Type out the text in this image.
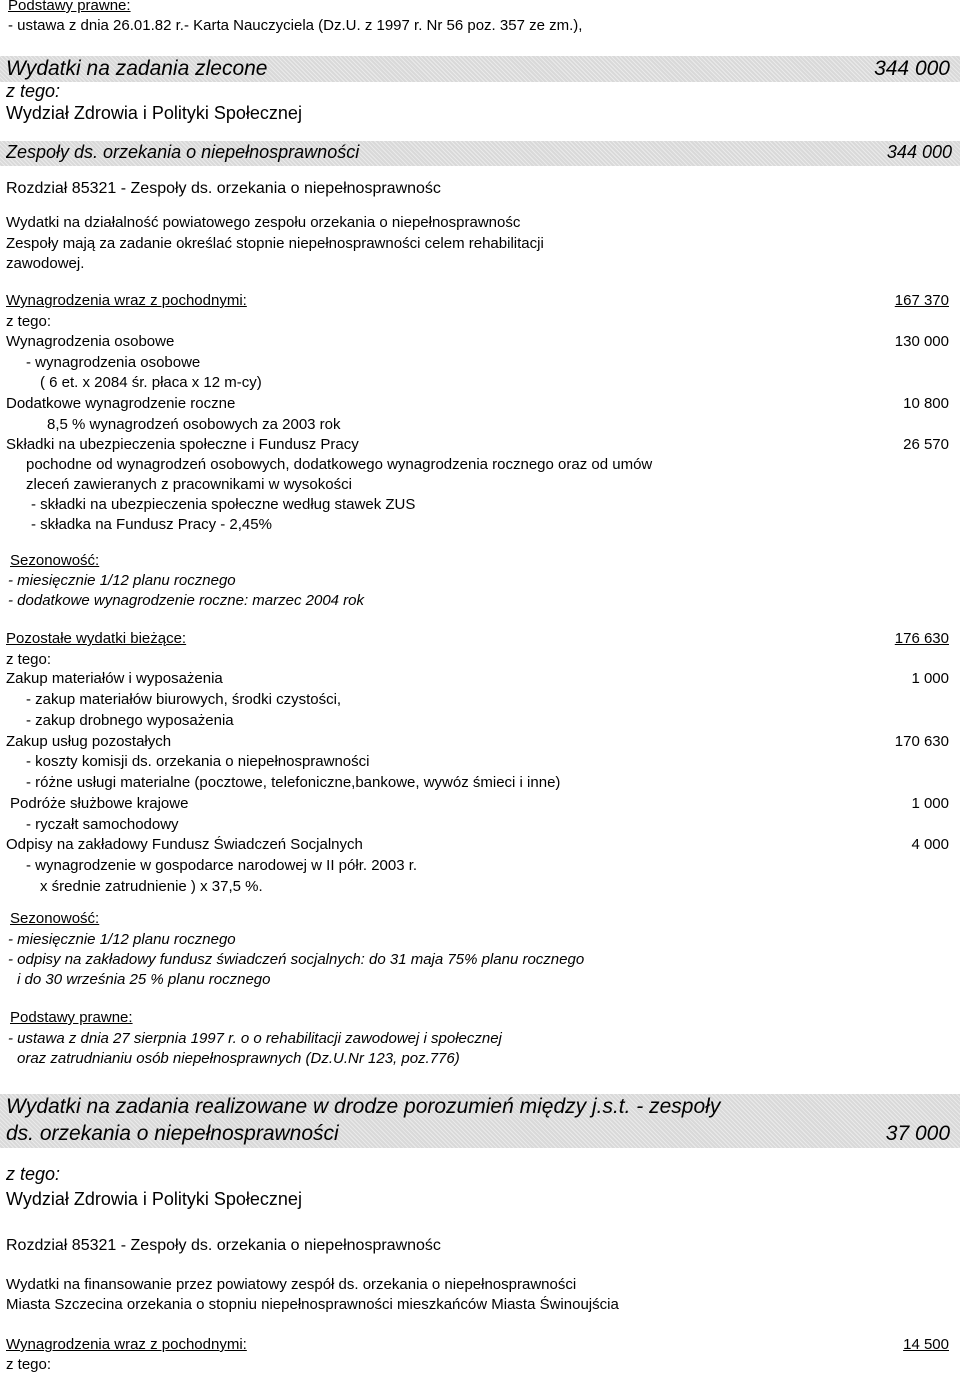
Podstawy prawne:
- ustawa z dnia 26.01.82 r.- Karta Nauczyciela (Dz.U. z 1997 r. Nr 56 poz. 357 ze zm.),
Wydatki na zadania zlecone	344 000
z tego:
Wydział Zdrowia i Polityki Społecznej
Zespoły ds. orzekania o niepełnosprawności	344 000
Rozdział 85321 - Zespoły ds. orzekania o niepełnosprawnośc
Wydatki na działalność powiatowego zespołu orzekania o niepełnosprawnośc
Zespoły mają za zadanie określać stopnie niepełnosprawności celem rehabilitacji
zawodowej.
Wynagrodzenia wraz z pochodnymi:	167 370
z tego:
Wynagrodzenia osobowe	130 000
- wynagrodzenia osobowe
( 6 et. x 2084 śr. płaca x 12 m-cy)
Dodatkowe wynagrodzenie roczne	10 800
8,5 % wynagrodzeń osobowych za 2003 rok
Składki na ubezpieczenia społeczne i Fundusz Pracy	26 570
pochodne od wynagrodzeń osobowych, dodatkowego wynagrodzenia rocznego oraz od umów
zleceń zawieranych z pracownikami w wysokości
- składki na ubezpieczenia społeczne według stawek ZUS
- składka na Fundusz Pracy - 2,45%
Sezonowość:
- miesięcznie 1/12 planu rocznego
- dodatkowe wynagrodzenie roczne: marzec 2004 rok
Pozostałe wydatki bieżące:	176 630
z tego:
Zakup materiałów i wyposażenia	1 000
- zakup materiałów biurowych, środki czystości,
- zakup drobnego wyposażenia
Zakup usług pozostałych	170 630
- koszty komisji ds. orzekania o niepełnosprawności
- różne usługi materialne (pocztowe, telefoniczne,bankowe, wywóz śmieci i inne)
Podróże służbowe krajowe	1 000
- ryczałt samochodowy
Odpisy na zakładowy Fundusz Świadczeń Socjalnych	4 000
- wynagrodzenie w gospodarce narodowej w II półr. 2003 r.
x średnie zatrudnienie ) x 37,5 %.
Sezonowość:
- miesięcznie 1/12 planu rocznego
- odpisy na zakładowy fundusz świadczeń socjalnych: do 31 maja 75% planu rocznego
i do 30 września 25 % planu rocznego
Podstawy prawne:
- ustawa z dnia 27 sierpnia 1997 r. o o rehabilitacji zawodowej i społecznej
oraz zatrudnianiu osób niepełnosprawnych (Dz.U.Nr 123, poz.776)
Wydatki na zadania realizowane w drodze porozumień między j.s.t. - zespoły
ds. orzekania o niepełnosprawności	37 000
z tego:
Wydział Zdrowia i Polityki Społecznej
Rozdział 85321 - Zespoły ds. orzekania o niepełnosprawnośc
Wydatki na finansowanie przez powiatowy zespół ds. orzekania o niepełnosprawności
Miasta Szczecina orzekania o stopniu niepełnosprawności mieszkańców Miasta Świnoujścia
Wynagrodzenia wraz z pochodnymi:	14 500
z tego:
